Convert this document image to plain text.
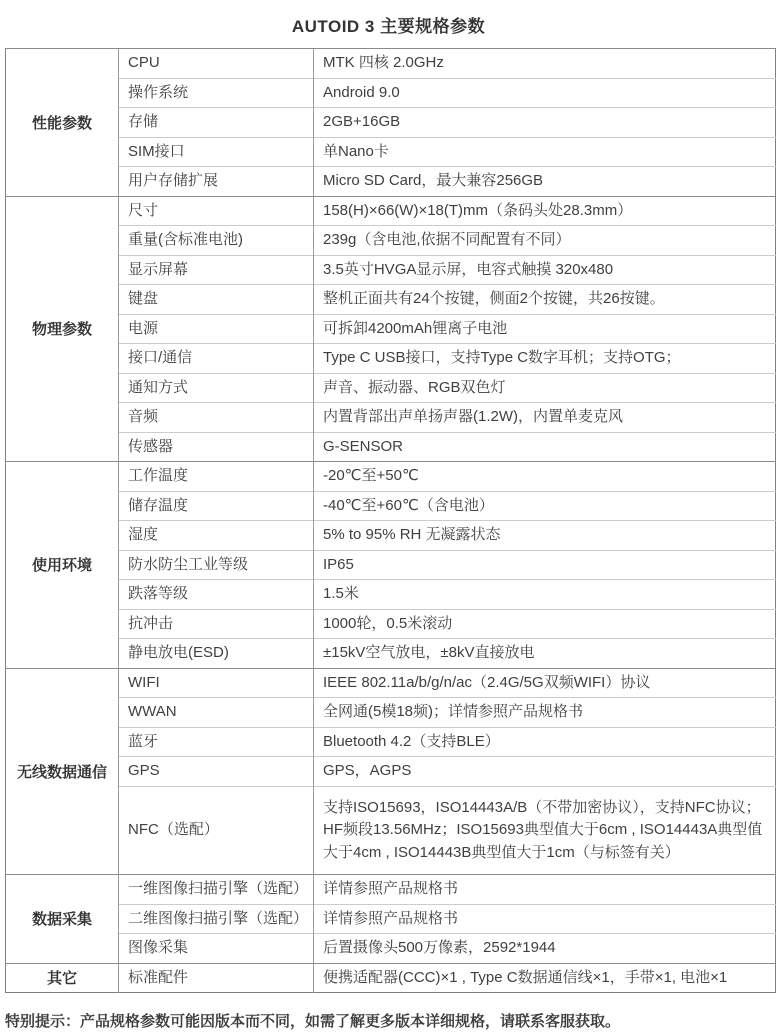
AUTOID 3 主要规格参数
性能参数	CPU	MTK 四核 2.0GHz
	操作系统	Android 9.0
	存储	2GB+16GB
	SIM接口	单Nano卡
	用户存储扩展	Micro SD Card，最大兼容256GB
物理参数	尺寸	158(H)×66(W)×18(T)mm（条码头处28.3mm）
	重量(含标准电池)	239g（含电池,依据不同配置有不同）
	显示屏幕	3.5英寸HVGA显示屏，电容式触摸 320x480
	键盘	整机正面共有24个按键，侧面2个按键，共26按键。
	电源	可拆卸4200mAh锂离子电池
	接口/通信	Type C USB接口，支持Type C数字耳机；支持OTG；
	通知方式	声音、振动器、RGB双色灯
	音频	内置背部出声单扬声器(1.2W)，内置单麦克风
	传感器	G-SENSOR
使用环境	工作温度	-20℃至+50℃
	储存温度	-40℃至+60℃（含电池）
	湿度	5% to 95% RH 无凝露状态
	防水防尘工业等级	IP65
	跌落等级	1.5米
	抗冲击	1000轮，0.5米滚动
	静电放电(ESD)	±15kV空气放电，±8kV直接放电
无线数据通信	WIFI	IEEE 802.11a/b/g/n/ac（2.4G/5G双频WIFI）协议
	WWAN	全网通(5模18频)；详情参照产品规格书
	蓝牙	Bluetooth 4.2（支持BLE）
	GPS	GPS，AGPS
	NFC（选配）	支持ISO15693，ISO14443A/B（不带加密协议），支持NFC协议；HF频段13.56MHz；ISO15693典型值大于6cm , ISO14443A典型值大于4cm , ISO14443B典型值大于1cm（与标签有关）
数据采集	一维图像扫描引擎（选配）	详情参照产品规格书
	二维图像扫描引擎（选配）	详情参照产品规格书
	图像采集	后置摄像头500万像素，2592*1944
其它	标准配件	便携适配器(CCC)×1 , Type C数据通信线×1，手带×1, 电池×1

特别提示：产品规格参数可能因版本而不同，如需了解更多版本详细规格，请联系客服获取。
